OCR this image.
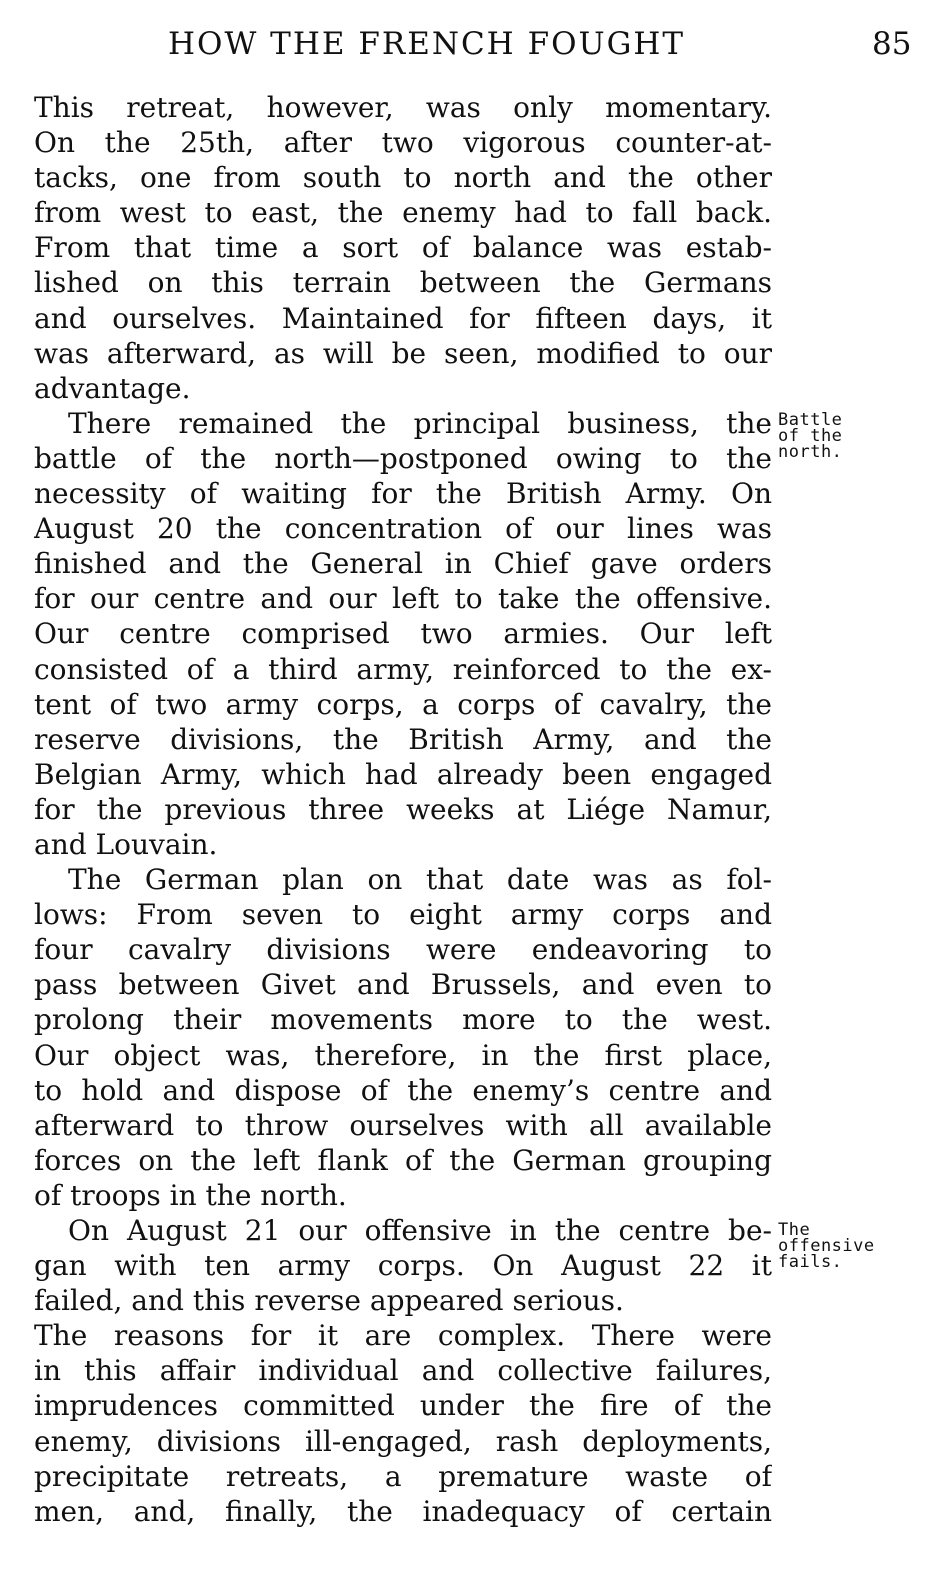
HOW THE FRENCH FOUGHT	85
This retreat, however, was only momentary.
On the 25th, after two vigorous counter-at-
tacks, one from south to north and the other
from west to east, the enemy had to fall back.
From that time a sort of balance was estab-
lished on this terrain between the Germans
and ourselves. Maintained for fifteen days, it
was afterward, as will be seen, modified to our
advantage.
There remained the principal business, the
battle of the north—postponed owing to the
necessity of waiting for the British Army. On
August 20 the concentration of our lines was
finished and the General in Chief gave orders
for our centre and our left to take the offensive.
Our centre comprised two armies. Our left
consisted of a third army, reinforced to the ex-
tent of two army corps, a corps of cavalry, the
reserve divisions, the British Army, and the
Belgian Army, which had already been engaged
for the previous three weeks at Liége Namur,
and Louvain.
The German plan on that date was as fol-
lows: From seven to eight army corps and
four cavalry divisions were endeavoring to
pass between Givet and Brussels, and even to
prolong their movements more to the west.
Our object was, therefore, in the first place,
to hold and dispose of the enemy’s centre and
afterward to throw ourselves with all available
forces on the left flank of the German grouping
of troops in the north.
On August 21 our offensive in the centre be-
gan with ten army corps. On August 22 it
failed, and this reverse appeared serious.
The reasons for it are complex. There were
in this affair individual and collective failures,
imprudences committed under the fire of the
enemy, divisions ill-engaged, rash deployments,
precipitate retreats, a premature waste of
men, and, finally, the inadequacy of certain
Battle
of the
north.
The
offensive
fails.
